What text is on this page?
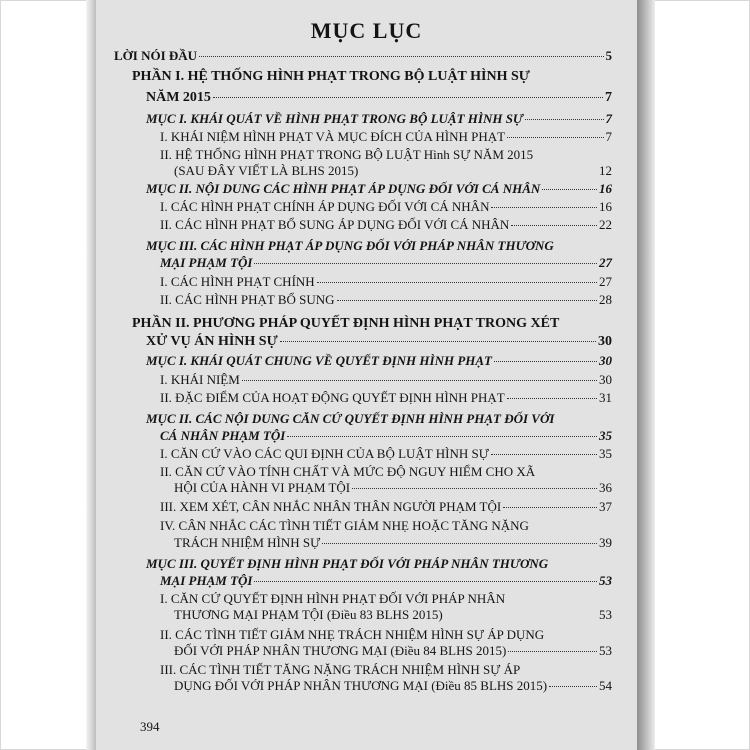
MỤC LỤC
LỜI NÓI ĐẦU	5
PHẦN I. HỆ THỐNG HÌNH PHẠT TRONG BỘ LUẬT HÌNH SỰ
NĂM 2015	7
MỤC I. KHÁI QUÁT VỀ HÌNH PHẠT TRONG BỘ LUẬT HÌNH SỰ	7
I. KHÁI NIỆM HÌNH PHẠT VÀ MỤC ĐÍCH CỦA HÌNH PHẠT	7
II. HỆ THỐNG HÌNH PHẠT TRONG BỘ LUẬT Hình SỰ NĂM 2015
(SAU ĐÂY VIẾT LÀ BLHS 2015)	12
MỤC II. NỘI DUNG CÁC HÌNH PHẠT ÁP DỤNG ĐỐI VỚI CÁ NHÂN	16
I. CÁC HÌNH PHẠT CHÍNH ÁP DỤNG ĐỐI VỚI CÁ NHÂN	16
II. CÁC HÌNH PHẠT BỔ SUNG ÁP DỤNG ĐỐI VỚI CÁ NHÂN	22
MỤC III. CÁC HÌNH PHẠT ÁP DỤNG ĐỐI VỚI PHÁP NHÂN THƯƠNG
MẠI PHẠM TỘI	27
I. CÁC HÌNH PHẠT CHÍNH	27
II. CÁC HÌNH PHẠT BỔ SUNG	28
PHẦN II. PHƯƠNG PHÁP QUYẾT ĐỊNH HÌNH PHẠT TRONG XÉT
XỬ VỤ ÁN HÌNH SỰ	30
MỤC I. KHÁI QUÁT CHUNG VỀ QUYẾT ĐỊNH HÌNH PHẠT	30
I. KHÁI NIỆM	30
II. ĐẶC ĐIỂM CỦA HOẠT ĐỘNG QUYẾT ĐỊNH HÌNH PHẠT	31
MỤC II. CÁC NỘI DUNG CĂN CỨ QUYẾT ĐỊNH HÌNH PHẠT ĐỐI VỚI
CÁ NHÂN PHẠM TỘI	35
I. CĂN CỨ VÀO CÁC QUI ĐỊNH CỦA BỘ LUẬT HÌNH SỰ	35
II. CĂN CỨ VÀO TÍNH CHẤT VÀ MỨC ĐỘ NGUY HIỂM CHO XÃ
HỘI CỦA HÀNH VI PHẠM TỘI	36
III. XEM XÉT, CÂN NHẮC NHÂN THÂN NGƯỜI PHẠM TỘI	37
IV. CÂN NHẮC CÁC TÌNH TIẾT GIẢM NHẸ HOẶC TĂNG NẶNG
TRÁCH NHIỆM HÌNH SỰ	39
MỤC III. QUYẾT ĐỊNH HÌNH PHẠT ĐỐI VỚI PHÁP NHÂN THƯƠNG
MẠI PHẠM TỘI	53
I. CĂN CỨ QUYẾT ĐỊNH HÌNH PHẠT ĐỐI VỚI PHÁP NHÂN
THƯƠNG MẠI PHẠM TỘI (Điều 83 BLHS 2015)	53
II. CÁC TÌNH TIẾT GIẢM NHẸ TRÁCH NHIỆM HÌNH SỰ ÁP DỤNG
ĐỐI VỚI PHÁP NHÂN THƯƠNG MẠI (Điều 84 BLHS 2015)	53
III. CÁC TÌNH TIẾT TĂNG NẶNG TRÁCH NHIỆM HÌNH SỰ ÁP
DỤNG ĐỐI VỚI PHÁP NHÂN THƯƠNG MẠI (Điều 85 BLHS 2015)	54
394
